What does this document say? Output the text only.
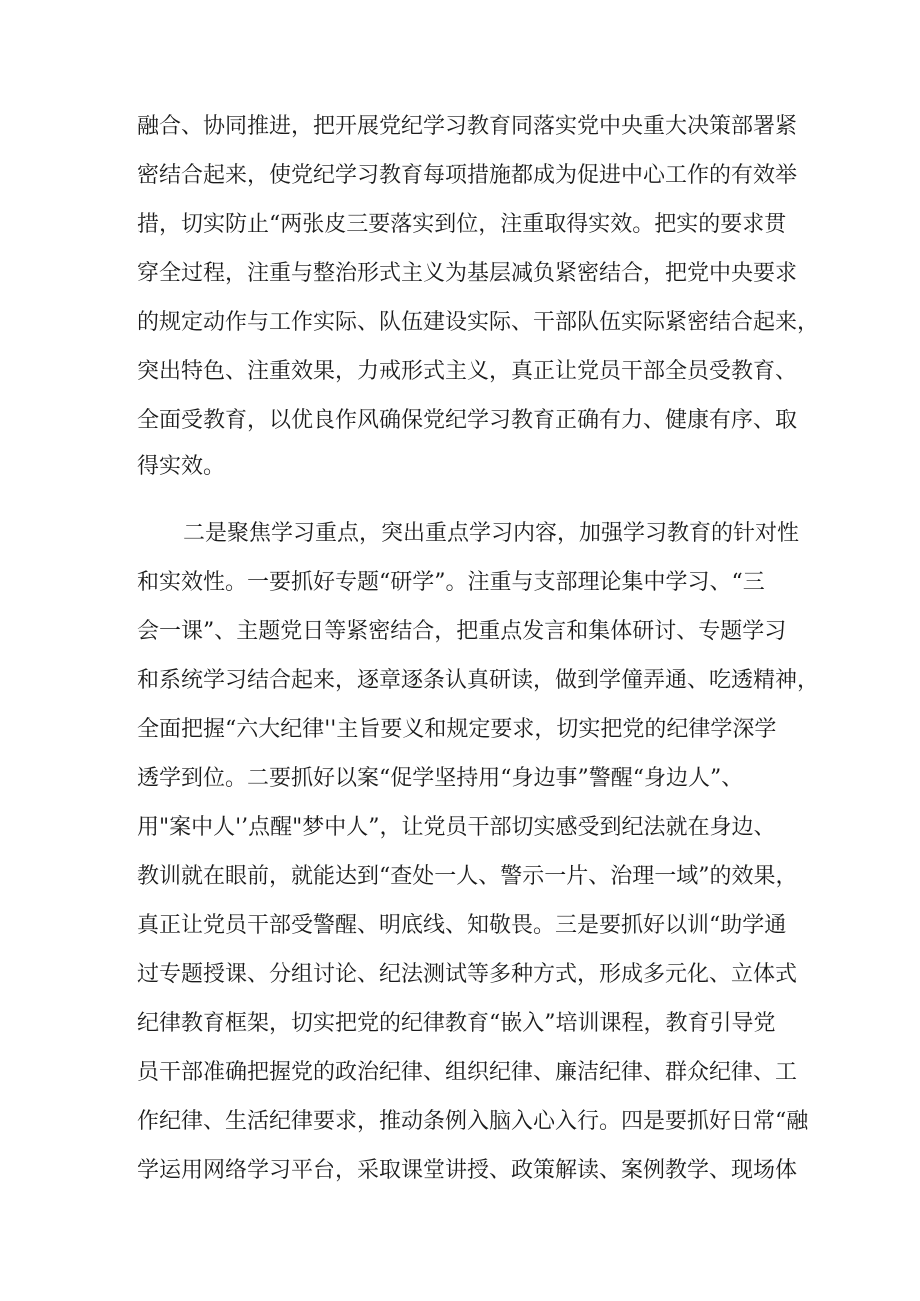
融合、协同推进，把开展党纪学习教育同落实党中央重大决策部署紧

密结合起来，使党纪学习教育每项措施都成为促进中心工作的有效举

措，切实防止“两张皮三要落实到位，注重取得实效。把实的要求贯

穿全过程，注重与整治形式主义为基层减负紧密结合，把党中央要求

的规定动作与工作实际、队伍建设实际、干部队伍实际紧密结合起来，

突出特色、注重效果，力戒形式主义，真正让党员干部全员受教育、

全面受教育，以优良作风确保党纪学习教育正确有力、健康有序、取

得实效。

二是聚焦学习重点，突出重点学习内容，加强学习教育的针对性

和实效性。一要抓好专题“研学”。注重与支部理论集中学习、“三

会一课”、主题党日等紧密结合，把重点发言和集体研讨、专题学习

和系统学习结合起来，逐章逐条认真研读，做到学僮弄通、吃透精神，

全面把握“六大纪律''主旨要义和规定要求，切实把党的纪律学深学

透学到位。二要抓好以案“促学坚持用“身边事”警醒“身边人”、

用"案中人'’点醒"梦中人”，让党员干部切实感受到纪法就在身边、

教训就在眼前，就能达到“查处一人、警示一片、治理一域”的效果，

真正让党员干部受警醒、明底线、知敬畏。三是要抓好以训“助学通

过专题授课、分组讨论、纪法测试等多种方式，形成多元化、立体式

纪律教育框架，切实把党的纪律教育“嵌入”培训课程，教育引导党

员干部准确把握党的政治纪律、组织纪律、廉洁纪律、群众纪律、工

作纪律、生活纪律要求，推动条例入脑入心入行。四是要抓好日常“融

学运用网络学习平台，采取课堂讲授、政策解读、案例教学、现场体
